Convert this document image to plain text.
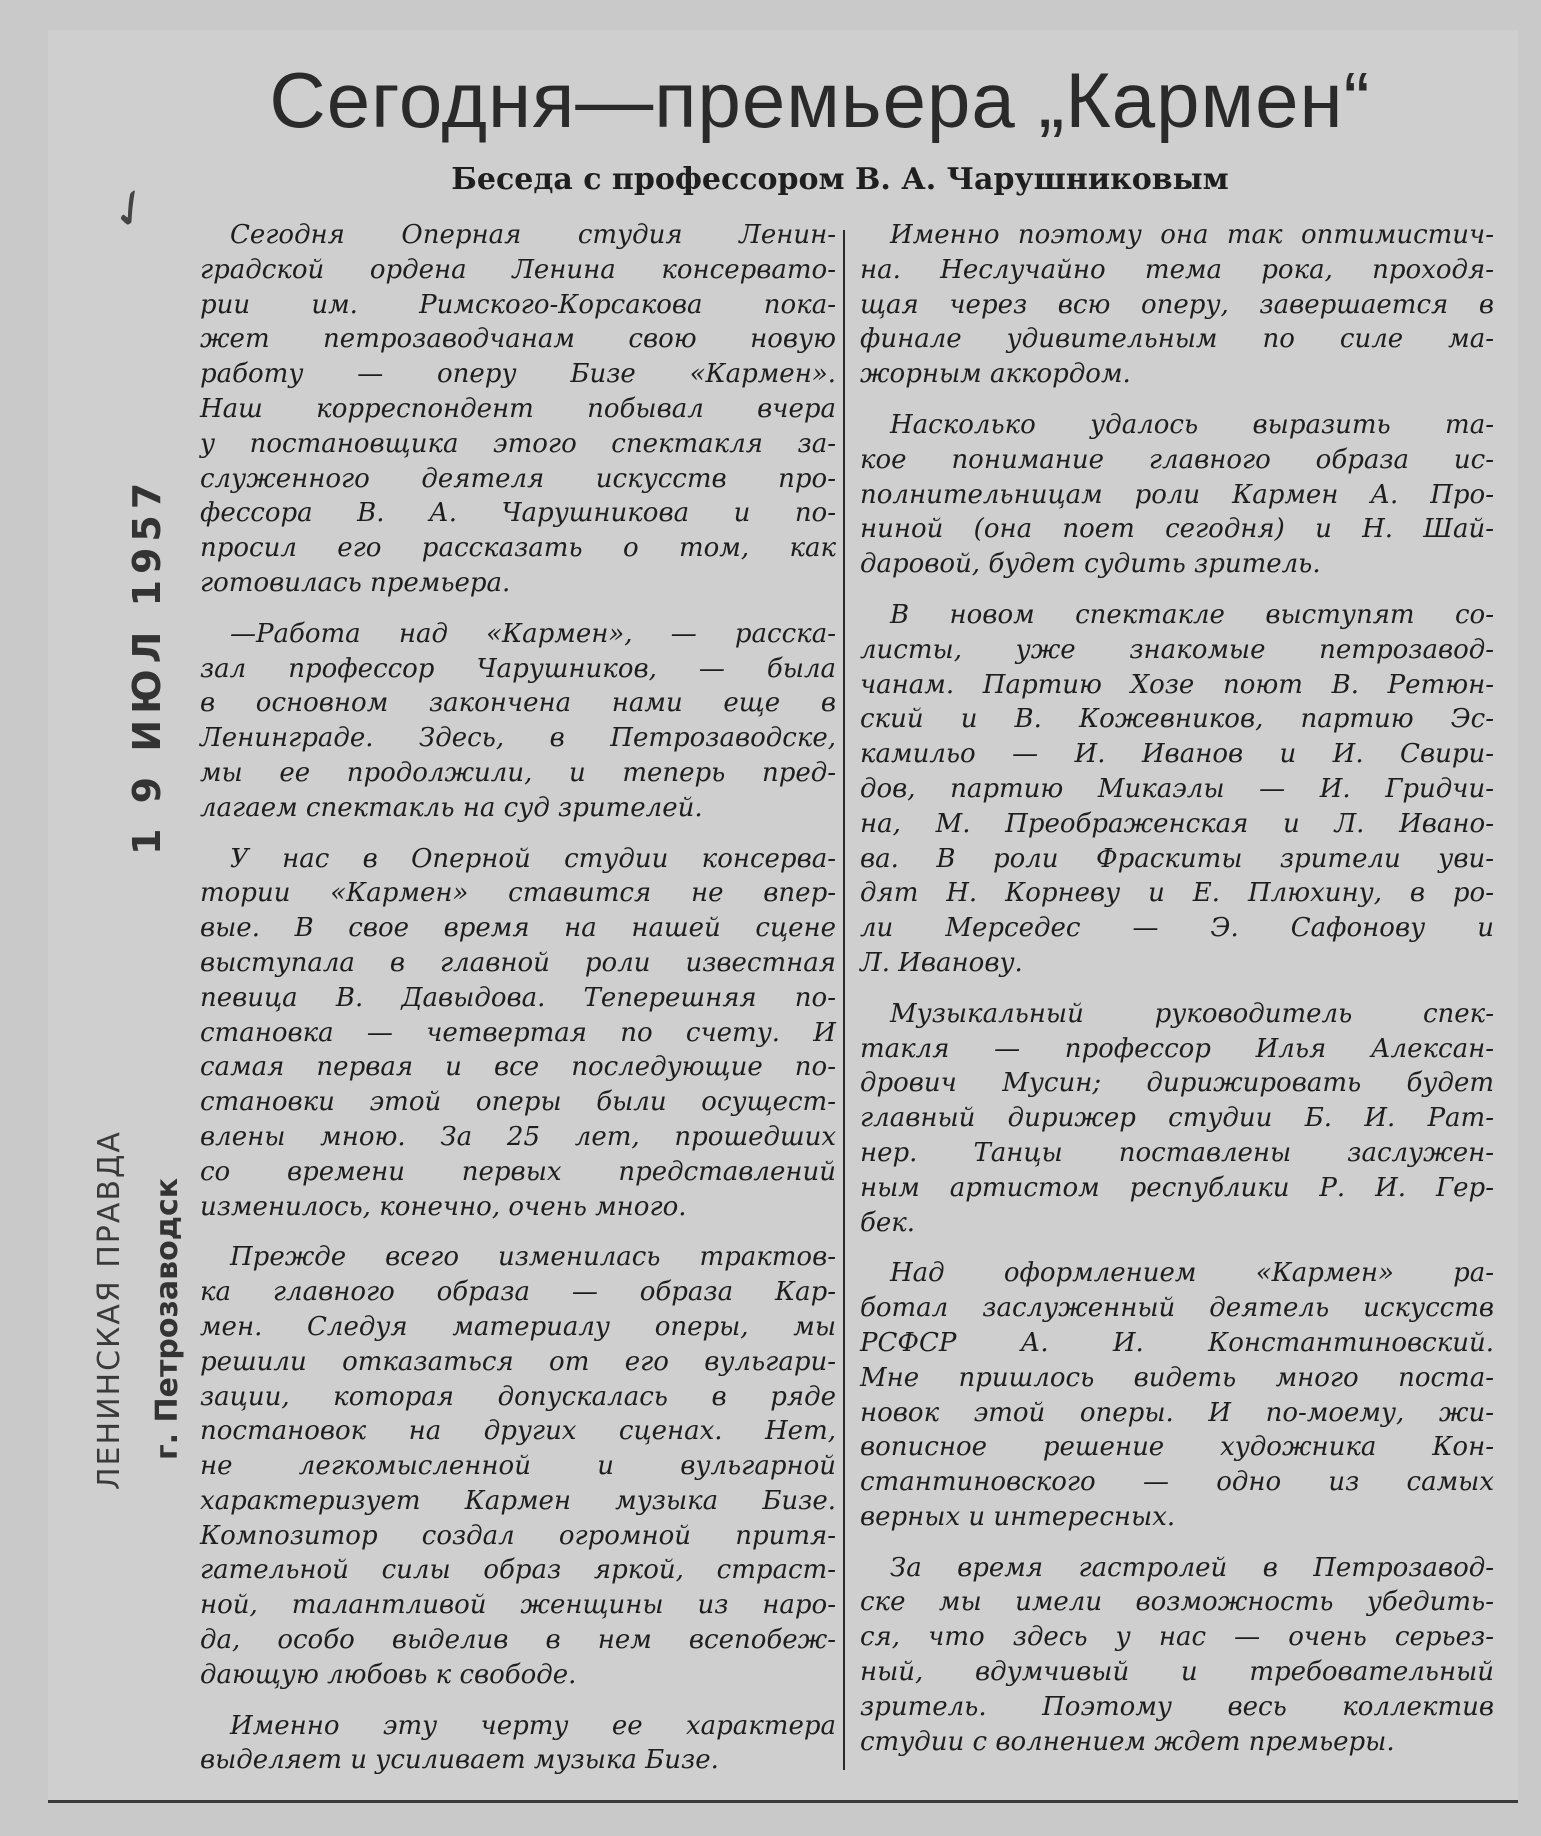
✓
1 9 ИЮЛ 1957
ЛЕНИНСКАЯ ПРАВДА г. Петрозаводск
Сегодня—премьера „Кармен“
Беседа с профессором В. А. Чарушниковым
Сегодня Оперная студия Ленин-
градской ордена Ленина консервато-
рии им. Римского-Корсакова пока-
жет петрозаводчанам свою новую
работу — оперу Бизе «Кармен».
Наш корреспондент побывал вчера
у постановщика этого спектакля за-
служенного деятеля искусств про-
фессора В. А. Чарушникова и по-
просил его рассказать о том, как
готовилась премьера.
—Работа над «Кармен», — расска-
зал профессор Чарушников, — была
в основном закончена нами еще в
Ленинграде. Здесь, в Петрозаводске,
мы ее продолжили, и теперь пред-
лагаем спектакль на суд зрителей.
У нас в Оперной студии консерва-
тории «Кармен» ставится не впер-
вые. В свое время на нашей сцене
выступала в главной роли известная
певица В. Давыдова. Теперешняя по-
становка — четвертая по счету. И
самая первая и все последующие по-
становки этой оперы были осущест-
влены мною. За 25 лет, прошедших
со времени первых представлений
изменилось, конечно, очень много.
Прежде всего изменилась трактов-
ка главного образа — образа Кар-
мен. Следуя материалу оперы, мы
решили отказаться от его вульгари-
зации, которая допускалась в ряде
постановок на других сценах. Нет,
не легкомысленной и вульгарной
характеризует Кармен музыка Бизе.
Композитор создал огромной притя-
гательной силы образ яркой, страст-
ной, талантливой женщины из наро-
да, особо выделив в нем всепобеж-
дающую любовь к свободе.
Именно эту черту ее характера
выделяет и усиливает музыка Бизе.
Именно поэтому она так оптимистич-
на. Неслучайно тема рока, проходя-
щая через всю оперу, завершается в
финале удивительным по силе ма-
жорным аккордом.
Насколько удалось выразить та-
кое понимание главного образа ис-
полнительницам роли Кармен А. Про-
ниной (она поет сегодня) и Н. Шай-
даровой, будет судить зритель.
В новом спектакле выступят со-
листы, уже знакомые петрозавод-
чанам. Партию Хозе поют В. Ретюн-
ский и В. Кожевников, партию Эс-
камильо — И. Иванов и И. Свири-
дов, партию Микаэлы — И. Гридчи-
на, М. Преображенская и Л. Ивано-
ва. В роли Фраскиты зрители уви-
дят Н. Корневу и Е. Плюхину, в ро-
ли Мерседес — Э. Сафонову и
Л. Иванову.
Музыкальный руководитель спек-
такля — профессор Илья Алексан-
дрович Мусин; дирижировать будет
главный дирижер студии Б. И. Рат-
нер. Танцы поставлены заслужен-
ным артистом республики Р. И. Гер-
бек.
Над оформлением «Кармен» ра-
ботал заслуженный деятель искусств
РСФСР А. И. Константиновский.
Мне пришлось видеть много поста-
новок этой оперы. И по-моему, жи-
вописное решение художника Кон-
стантиновского — одно из самых
верных и интересных.
За время гастролей в Петрозавод-
ске мы имели возможность убедить-
ся, что здесь у нас — очень серьез-
ный, вдумчивый и требовательный
зритель. Поэтому весь коллектив
студии с волнением ждет премьеры.
